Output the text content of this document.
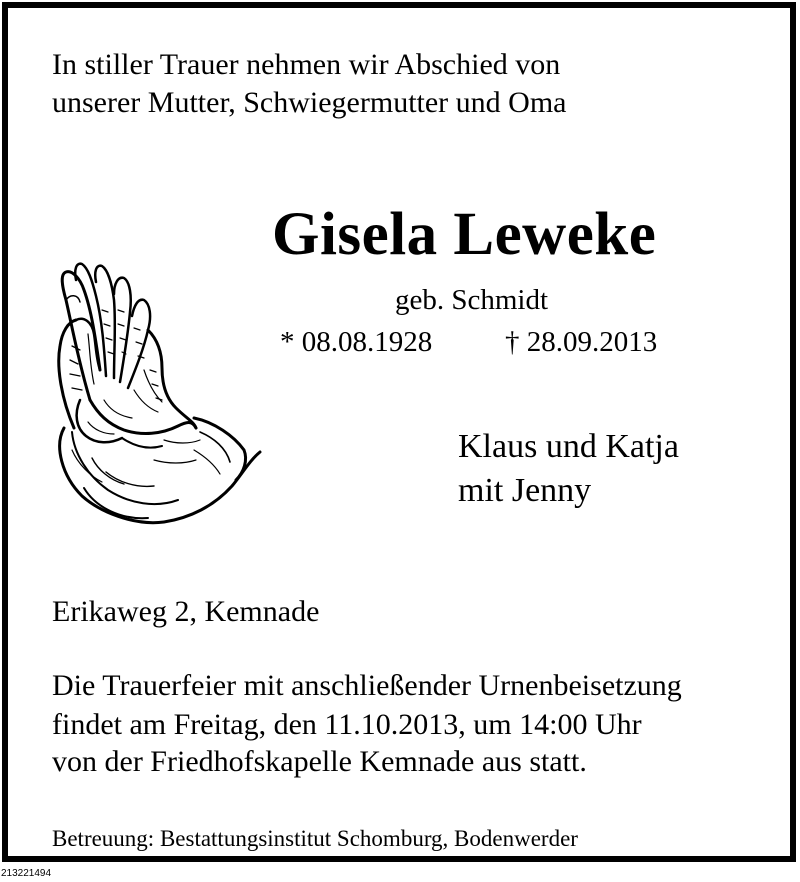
In stiller Trauer nehmen wir Abschied von
unserer Mutter, Schwiegermutter und Oma
Gisela Leweke
geb. Schmidt
* 08.08.1928	† 28.09.2013
Klaus und Katja
mit Jenny
Erikaweg 2, Kemnade
Die Trauerfeier mit anschließender Urnenbeisetzung
findet am Freitag, den 11.10.2013, um 14:00 Uhr
von der Friedhofskapelle Kemnade aus statt.
Betreuung: Bestattungsinstitut Schomburg, Bodenwerder
213221494
